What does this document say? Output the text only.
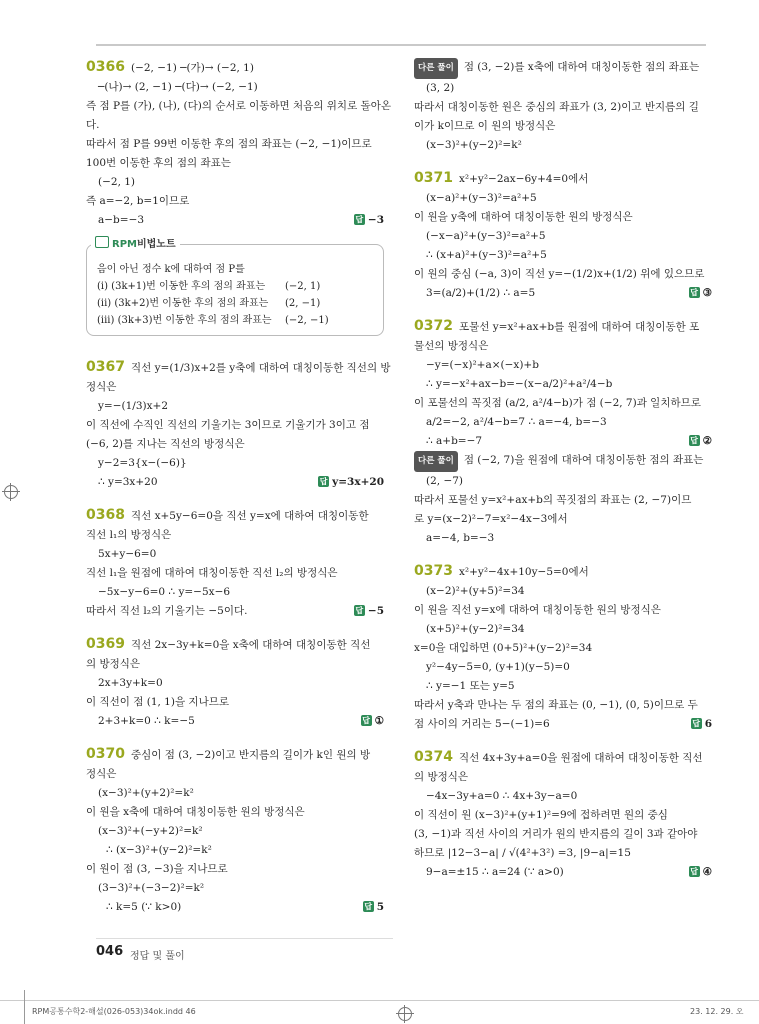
0366 (−2, −1) ─(가)→ (−2, 1)
─(나)→ (2, −1) ─(다)→ (−2, −1)
즉 점 P를 (가), (나), (다)의 순서로 이동하면 처음의 위치로 돌아온
다.
따라서 점 P를 99번 이동한 후의 점의 좌표는 (−2, −1)이므로
100번 이동한 후의 점의 좌표는
(−2, 1)
즉 a=−2, b=1이므로
a−b=−3	답 −3
RPM비법노트
음이 아닌 정수 k에 대하여 점 P를
(i) (3k+1)번 이동한 후의 점의 좌표는	(−2, 1)
(ii) (3k+2)번 이동한 후의 점의 좌표는	(2, −1)
(iii) (3k+3)번 이동한 후의 점의 좌표는	(−2, −1)
0367 직선 y=(1/3)x+2를 y축에 대하여 대칭이동한 직선의 방
정식은
y=−(1/3)x+2
이 직선에 수직인 직선의 기울기는 3이므로 기울기가 3이고 점
(−6, 2)를 지나는 직선의 방정식은
y−2=3{x−(−6)}
∴ y=3x+20	답 y=3x+20
0368 직선 x+5y−6=0을 직선 y=x에 대하여 대칭이동한
직선 l₁의 방정식은
5x+y−6=0
직선 l₁을 원점에 대하여 대칭이동한 직선 l₂의 방정식은
−5x−y−6=0 ∴ y=−5x−6
따라서 직선 l₂의 기울기는 −5이다.	답 −5
0369 직선 2x−3y+k=0을 x축에 대하여 대칭이동한 직선
의 방정식은
2x+3y+k=0
이 직선이 점 (1, 1)을 지나므로
2+3+k=0 ∴ k=−5	답 ①
0370 중심이 점 (3, −2)이고 반지름의 길이가 k인 원의 방
정식은
(x−3)²+(y+2)²=k²
이 원을 x축에 대하여 대칭이동한 원의 방정식은
(x−3)²+(−y+2)²=k²
∴ (x−3)²+(y−2)²=k²
이 원이 점 (3, −3)을 지나므로
(3−3)²+(−3−2)²=k²
∴ k=5 (∵ k>0)	답 5
다른 풀이 점 (3, −2)를 x축에 대하여 대칭이동한 점의 좌표는
(3, 2)
따라서 대칭이동한 원은 중심의 좌표가 (3, 2)이고 반지름의 길
이가 k이므로 이 원의 방정식은
(x−3)²+(y−2)²=k²
0371 x²+y²−2ax−6y+4=0에서
(x−a)²+(y−3)²=a²+5
이 원을 y축에 대하여 대칭이동한 원의 방정식은
(−x−a)²+(y−3)²=a²+5
∴ (x+a)²+(y−3)²=a²+5
이 원의 중심 (−a, 3)이 직선 y=−(1/2)x+(1/2) 위에 있으므로
3=(a/2)+(1/2) ∴ a=5	답 ③
0372 포물선 y=x²+ax+b를 원점에 대하여 대칭이동한 포
물선의 방정식은
−y=(−x)²+a×(−x)+b
∴ y=−x²+ax−b=−(x−a/2)²+a²/4−b
이 포물선의 꼭짓점 (a/2, a²/4−b)가 점 (−2, 7)과 일치하므로
a/2=−2, a²/4−b=7 ∴ a=−4, b=−3
∴ a+b=−7	답 ②
다른 풀이 점 (−2, 7)을 원점에 대하여 대칭이동한 점의 좌표는
(2, −7)
따라서 포물선 y=x²+ax+b의 꼭짓점의 좌표는 (2, −7)이므
로 y=(x−2)²−7=x²−4x−3에서
a=−4, b=−3
0373 x²+y²−4x+10y−5=0에서
(x−2)²+(y+5)²=34
이 원을 직선 y=x에 대하여 대칭이동한 원의 방정식은
(x+5)²+(y−2)²=34
x=0을 대입하면 (0+5)²+(y−2)²=34
y²−4y−5=0, (y+1)(y−5)=0
∴ y=−1 또는 y=5
따라서 y축과 만나는 두 점의 좌표는 (0, −1), (0, 5)이므로 두
점 사이의 거리는 5−(−1)=6	답 6
0374 직선 4x+3y+a=0을 원점에 대하여 대칭이동한 직선
의 방정식은
−4x−3y+a=0 ∴ 4x+3y−a=0
이 직선이 원 (x−3)²+(y+1)²=9에 접하려면 원의 중심
(3, −1)과 직선 사이의 거리가 원의 반지름의 길이 3과 같아야
하므로 |12−3−a| / √(4²+3²) =3, |9−a|=15
9−a=±15 ∴ a=24 (∵ a>0)	답 ④
046 정답 및 풀이
RPM공통수학2-해설(026-053)34ok.indd 46	23. 12. 29. 오
